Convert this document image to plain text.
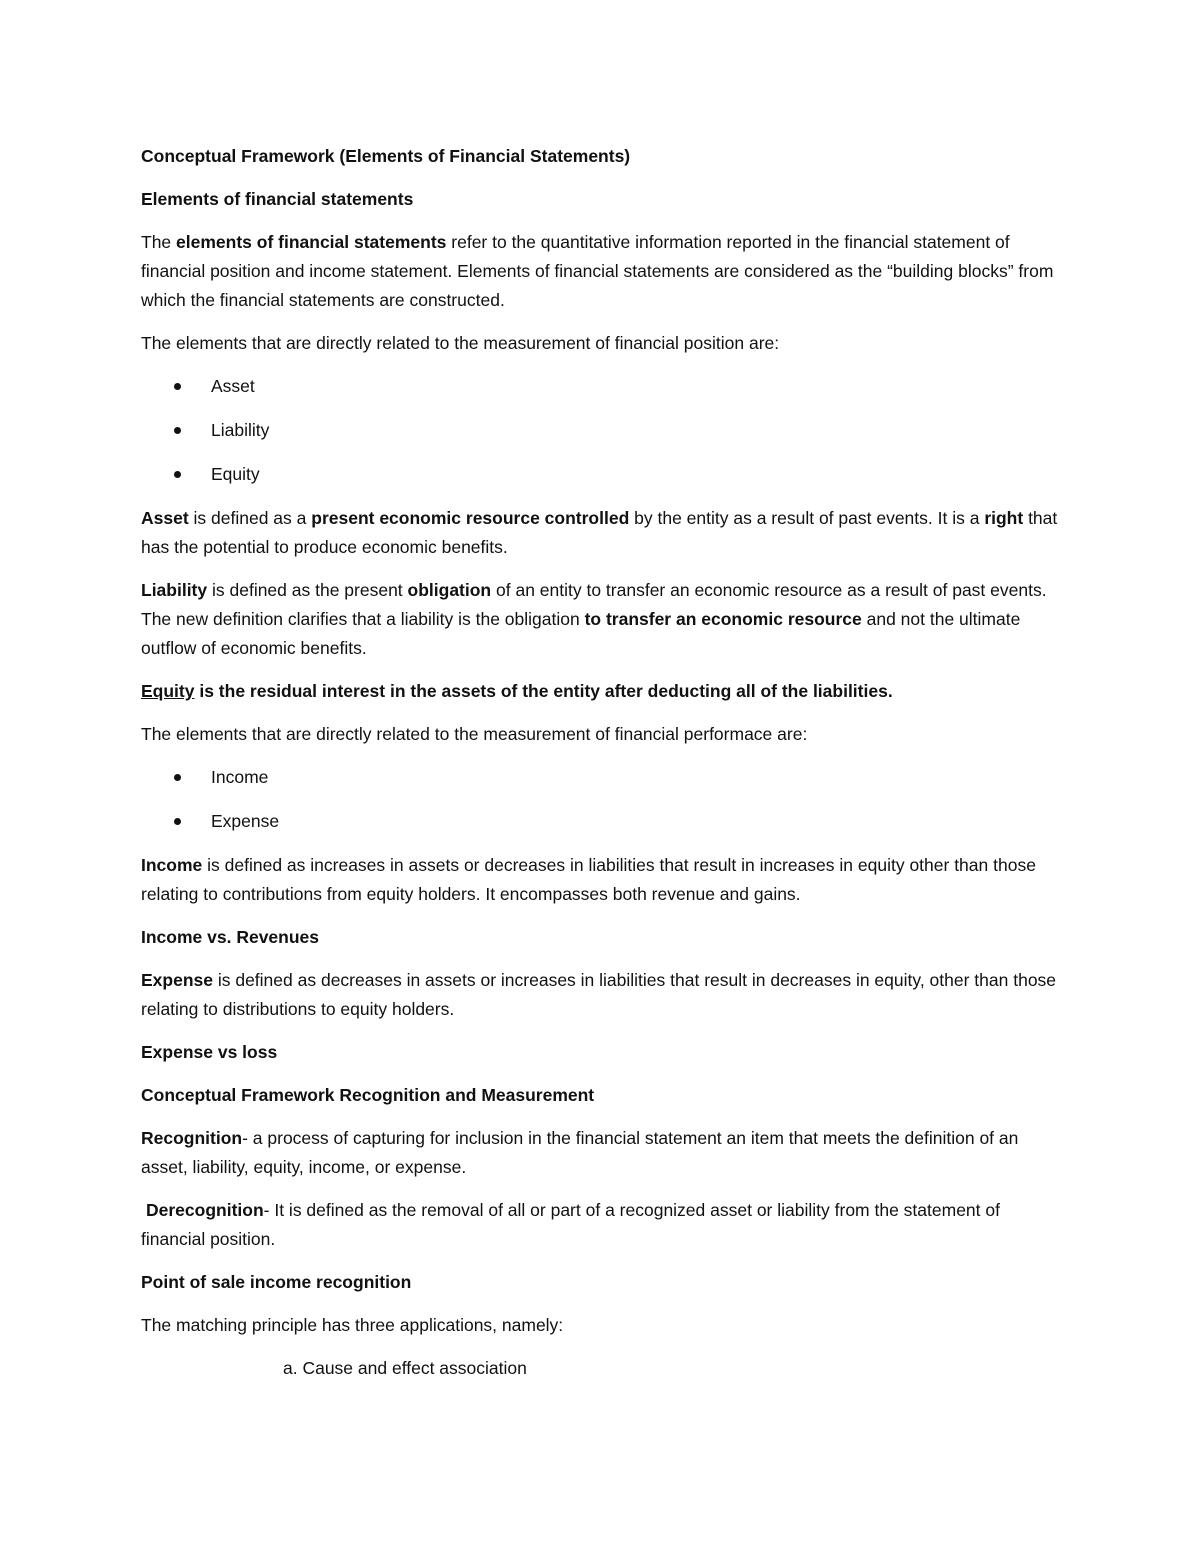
Conceptual Framework (Elements of Financial Statements)

Elements of financial statements

The elements of financial statements refer to the quantitative information reported in the financial statement of financial position and income statement. Elements of financial statements are considered as the “building blocks” from which the financial statements are constructed.

The elements that are directly related to the measurement of financial position are:

Asset
Liability
Equity

Asset is defined as a present economic resource controlled by the entity as a result of past events. It is a right that has the potential to produce economic benefits.

Liability is defined as the present obligation of an entity to transfer an economic resource as a result of past events. The new definition clarifies that a liability is the obligation to transfer an economic resource and not the ultimate outflow of economic benefits.

Equity is the residual interest in the assets of the entity after deducting all of the liabilities.

The elements that are directly related to the measurement of financial performace are:

Income
Expense

Income is defined as increases in assets or decreases in liabilities that result in increases in equity other than those relating to contributions from equity holders. It encompasses both revenue and gains.

Income vs. Revenues

Expense is defined as decreases in assets or increases in liabilities that result in decreases in equity, other than those relating to distributions to equity holders.

Expense vs loss

Conceptual Framework Recognition and Measurement

Recognition- a process of capturing for inclusion in the financial statement an item that meets the definition of an asset, liability, equity, income, or expense.

Derecognition- It is defined as the removal of all or part of a recognized asset or liability from the statement of financial position.

Point of sale income recognition

The matching principle has three applications, namely:

a. Cause and effect association
